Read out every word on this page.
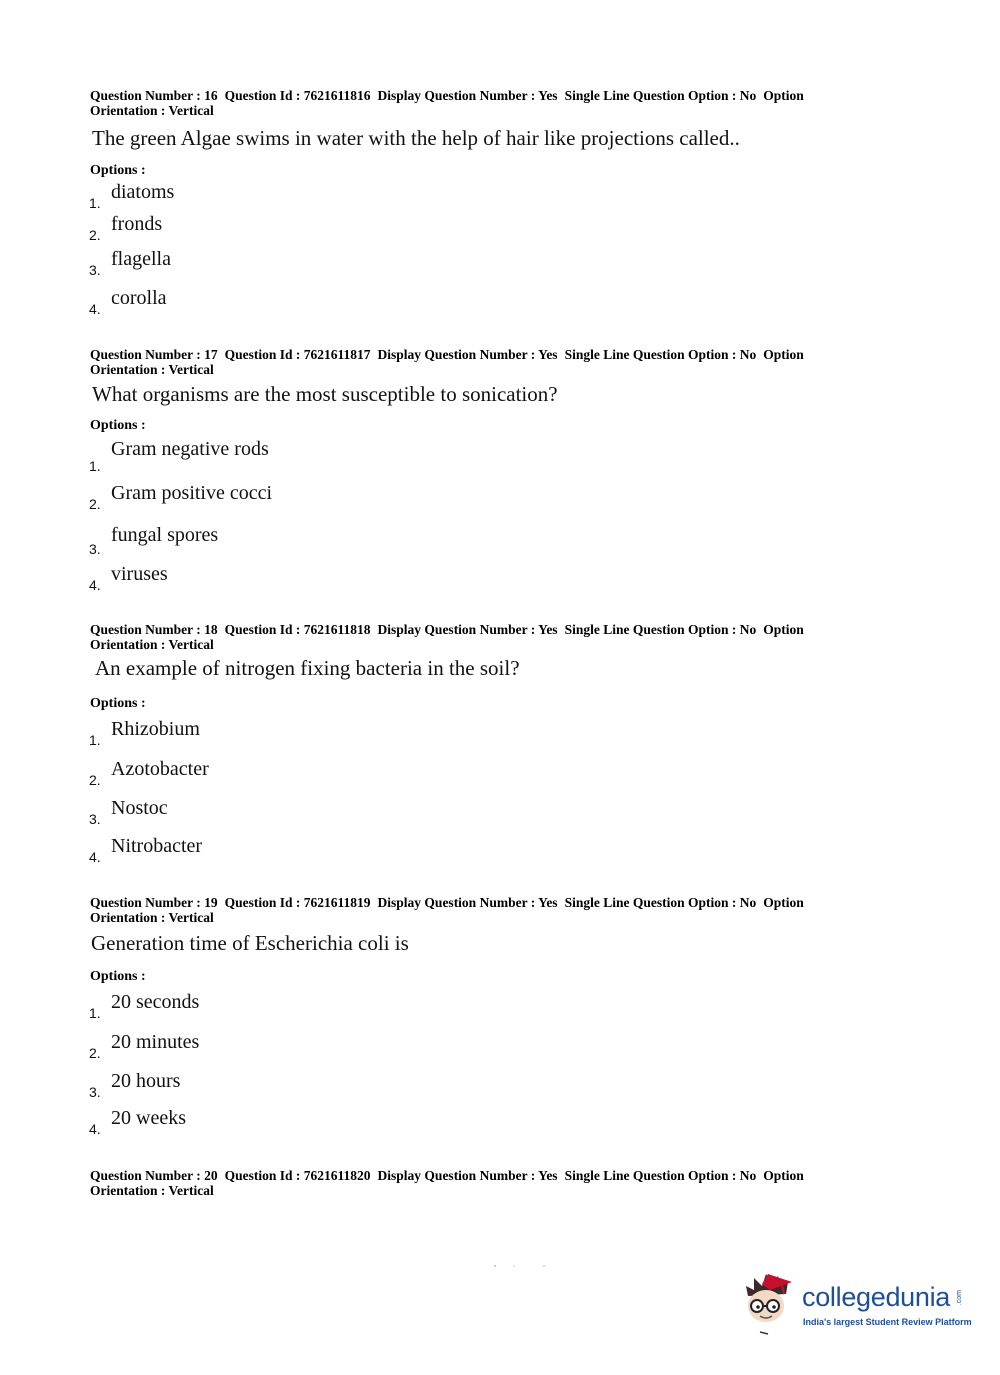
Question Number : 16 Question Id : 7621611816 Display Question Number : Yes Single Line Question Option : No Option
Orientation : Vertical
The green Algae swims in water with the help of hair like projections called..
Options :
1. diatoms
2. fronds
3. flagella
4. corolla
Question Number : 17 Question Id : 7621611817 Display Question Number : Yes Single Line Question Option : No Option
Orientation : Vertical
What organisms are the most susceptible to sonication?
Options :
1.
Gram negative rods
2. Gram positive cocci
3.
fungal spores
4. viruses
Question Number : 18 Question Id : 7621611818 Display Question Number : Yes Single Line Question Option : No Option
Orientation : Vertical
An example of nitrogen fixing bacteria in the soil?
Options :
1. Rhizobium
2. Azotobacter
3. Nostoc
4. Nitrobacter
Question Number : 19 Question Id : 7621611819 Display Question Number : Yes Single Line Question Option : No Option
Orientation : Vertical
Generation time of Escherichia coli is
Options :
1. 20 seconds
2. 20 minutes
3. 20 hours
4. 20 weeks
Question Number : 20 Question Id : 7621611820 Display Question Number : Yes Single Line Question Option : No Option
Orientation : Vertical
collegedunia .com
India's largest Student Review Platform
